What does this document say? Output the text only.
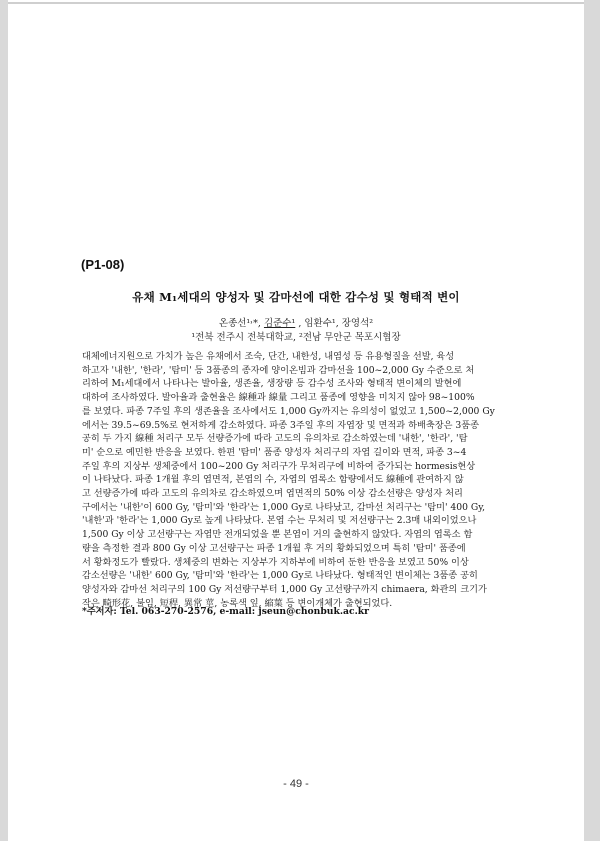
(P1-08)
유채 M₁세대의 양성자 및 감마선에 대한 감수성 및 형태적 변이
온종선¹˒*, 김준수¹ , 임환수¹, 장영석²
¹전북 전주시 전북대학교, ²전남 무안군 목포시협장
대체에너지원으로 가치가 높은 유채에서 조숙, 단간, 내한성, 내염성 등 유용형질을 선발, 육성
하고자 '내한', '한라', '탐미' 등 3품종의 종자에 양이온빔과 감마선을 100~2,000 Gy 수준으로 처
리하여 M₁세대에서 나타나는 발아율, 생존율, 생장량 등 감수성 조사와 형태적 변이체의 발현에
대하여 조사하였다. 발아율과 출현율은 線種과 線量 그리고 품종에 영향을 미치지 않아 98~100%
를 보였다. 파종 7주일 후의 생존율을 조사에서도 1,000 Gy까지는 유의성이 없었고 1,500~2,000 Gy
에서는 39.5~69.5%로 현저하게 감소하였다. 파종 3주일 후의 자엽장 및 면적과 하배축장은 3품종
공히 두 가지 線種 처리구 모두 선량증가에 따라 고도의 유의차로 감소하였는데 '내한', '한라', '탐
미' 순으로 예민한 반응을 보였다. 한편 '탐미' 품종 양성자 처리구의 자엽 길이와 면적, 파종 3~4
주일 후의 지상부 생체중에서 100~200 Gy 처리구가 무처리구에 비하여 증가되는 hormesis현상
이 나타났다. 파종 1개월 후의 엽면적, 본엽의 수, 자엽의 엽록소 함량에서도 線種에 관여하지 않
고 선량증가에 따라 고도의 유의차로 감소하였으며 엽면적의 50% 이상 감소선량은 양성자 처리
구에서는 '내한'이 600 Gy, '탐미'와 '한라'는 1,000 Gy로 나타났고, 감마선 처리구는 '탐미' 400 Gy,
'내한'과 '한라'는 1,000 Gy로 높게 나타났다. 본엽 수는 무처리 및 저선량구는 2.3매 내외이었으나
1,500 Gy 이상 고선량구는 자엽만 전개되었을 뿐 본엽이 거의 출현하지 않았다. 자엽의 엽록소 함
량을 측정한 결과 800 Gy 이상 고선량구는 파종 1개월 후 거의 황화되었으며 특히 '탐미' 품종에
서 황화정도가 빨랐다. 생체중의 변화는 지상부가 지하부에 비하여 둔한 반응을 보였고 50% 이상
감소선량은 '내한' 600 Gy, '탐미'와 '한라'는 1,000 Gy로 나타났다. 형태적인 변이체는 3품종 공히
양성자와 감마선 처리구의 100 Gy 저선량구부터 1,000 Gy 고선량구까지 chimaera, 화관의 크기가
작은 畸形花, 불임, 短稈, 異常 莖, 농록색 잎, 縮葉 등 변이개체가 출현되었다.
*주저자: Tel. 063-270-2576, e-mail: jseun@chonbuk.ac.kr
- 49 -
